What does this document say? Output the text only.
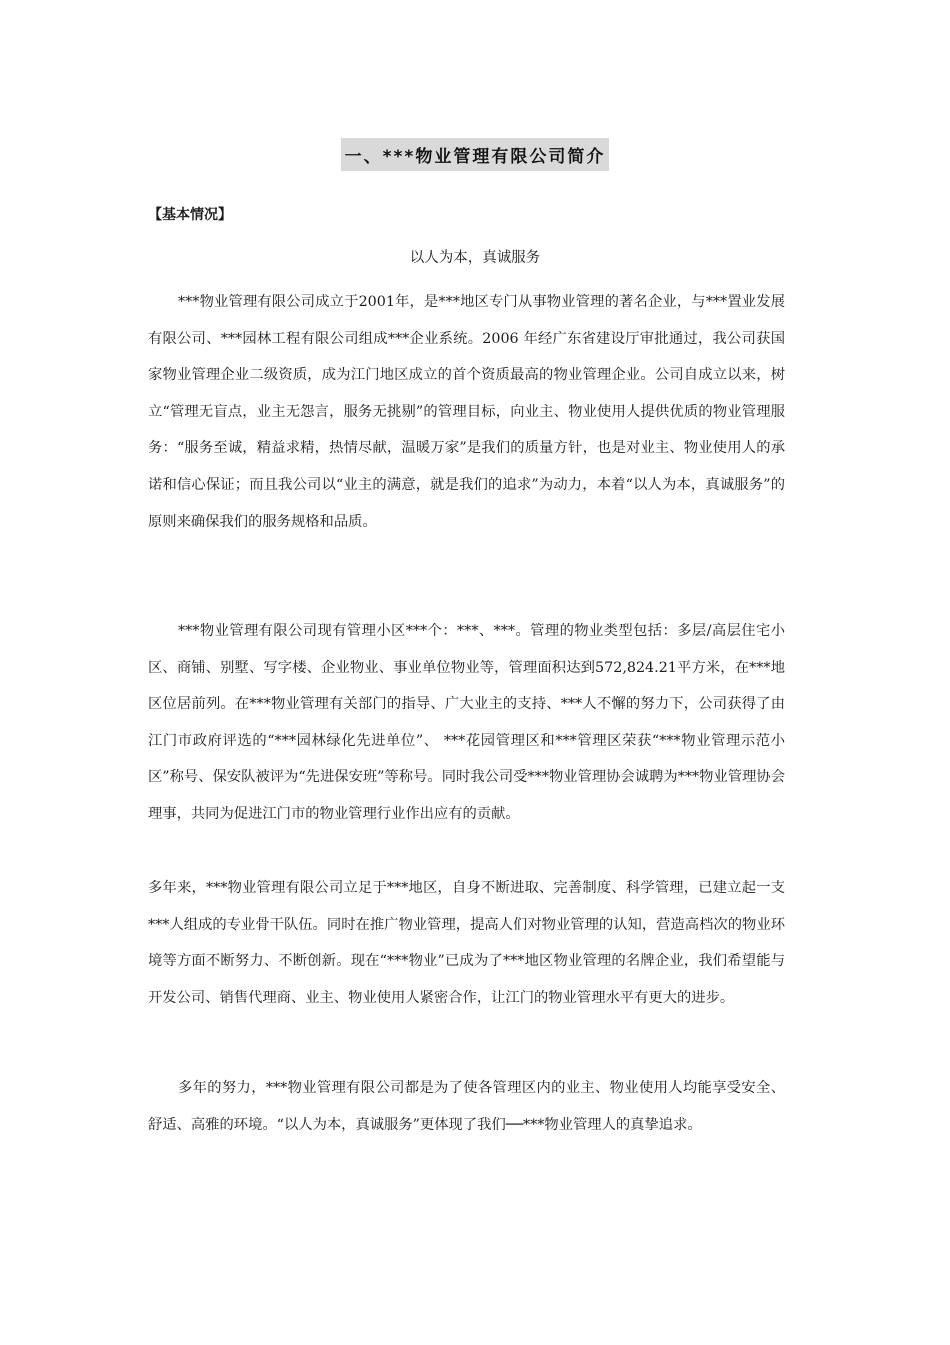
一、***物业管理有限公司简介
【基本情况】
以人为本，真诚服务

***物业管理有限公司成立于2001年，是***地区专门从事物业管理的著名企业，与***置业发展有限公司、***园林工程有限公司组成***企业系统。2006 年经广东省建设厅审批通过，我公司获国家物业管理企业二级资质，成为江门地区成立的首个资质最高的物业管理企业。公司自成立以来，树立“管理无盲点，业主无怨言，服务无挑剔”的管理目标，向业主、物业使用人提供优质的物业管理服务：“服务至诚，精益求精，热情尽献，温暖万家”是我们的质量方针，也是对业主、物业使用人的承诺和信心保证；而且我公司以“业主的满意，就是我们的追求”为动力，本着“以人为本，真诚服务”的原则来确保我们的服务规格和品质。

***物业管理有限公司现有管理小区***个：***、***。管理的物业类型包括：多层/高层住宅小区、商铺、别墅、写字楼、企业物业、事业单位物业等，管理面积达到572,824.21平方米，在***地区位居前列。在***物业管理有关部门的指导、广大业主的支持、***人不懈的努力下，公司获得了由江门市政府评选的“***园林绿化先进单位”、 ***花园管理区和***管理区荣获“***物业管理示范小区”称号、保安队被评为“先进保安班”等称号。同时我公司受***物业管理协会诚聘为***物业管理协会理事，共同为促进江门市的物业管理行业作出应有的贡献。

多年来，***物业管理有限公司立足于***地区，自身不断进取、完善制度、科学管理，已建立起一支***人组成的专业骨干队伍。同时在推广物业管理，提高人们对物业管理的认知，营造高档次的物业环境等方面不断努力、不断创新。现在“***物业”已成为了***地区物业管理的名牌企业，我们希望能与开发公司、销售代理商、业主、物业使用人紧密合作，让江门的物业管理水平有更大的进步。

多年的努力，***物业管理有限公司都是为了使各管理区内的业主、物业使用人均能享受安全、舒适、高雅的环境。“以人为本，真诚服务”更体现了我们──***物业管理人的真挚追求。
